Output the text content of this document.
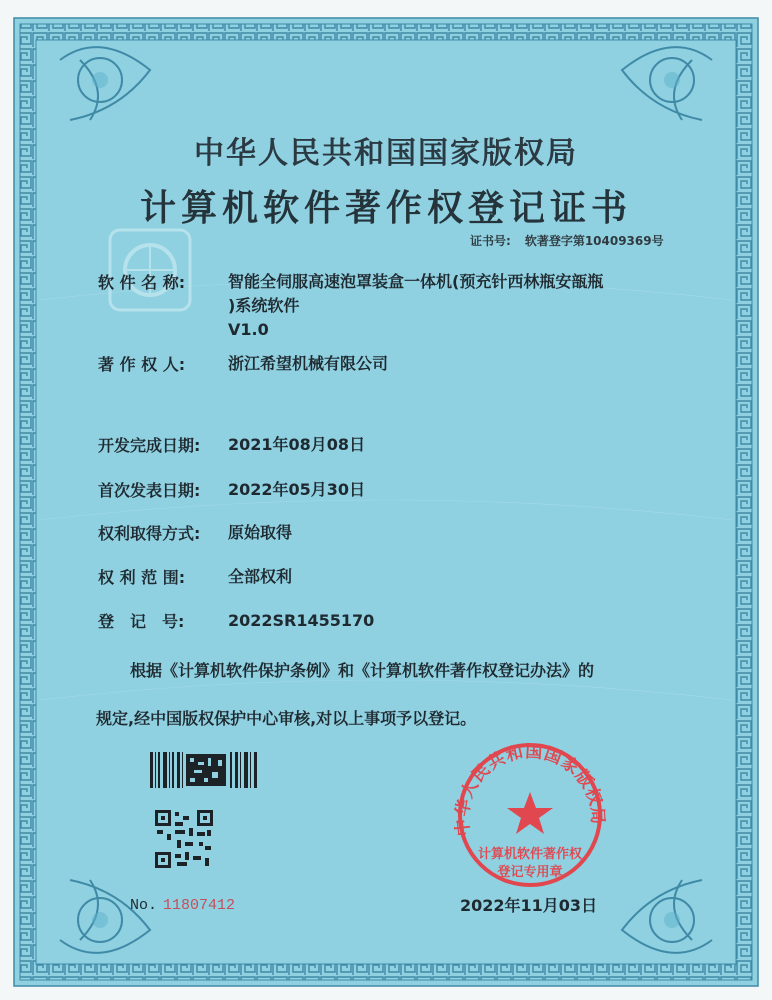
中华人民共和国国家版权局
计算机软件著作权登记证书
证书号: 软著登字第10409369号
软 件 名 称:	智能全伺服高速泡罩装盒一体机(预充针西林瓶安瓿瓶
)系统软件
V1.0
著 作 权 人:	浙江希望机械有限公司
开发完成日期: 2021年08月08日
首次发表日期: 2022年05月30日
权利取得方式: 原始取得
权 利 范 围:	全部权利
登　记　号:	2022SR1455170
根据《计算机软件保护条例》和《计算机软件著作权登记办法》的
规定,经中国版权保护中心审核,对以上事项予以登记。
中华人民共和国国家版权局
计算机软件著作权
登记专用章
No. 11807412	2022年11月03日
